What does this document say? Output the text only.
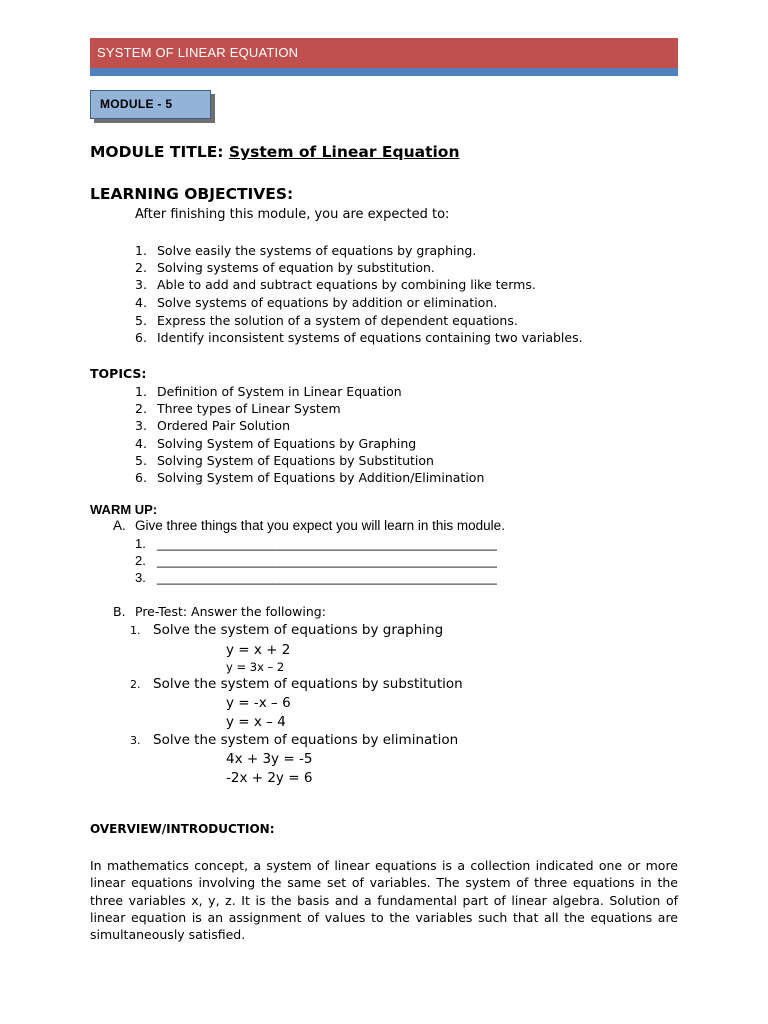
SYSTEM OF LINEAR EQUATION
MODULE - 5
MODULE TITLE: System of Linear Equation
LEARNING OBJECTIVES:
After finishing this module, you are expected to:
1. Solve easily the systems of equations by graphing.
2. Solving systems of equation by substitution.
3. Able to add and subtract equations by combining like terms.
4. Solve systems of equations by addition or elimination.
5. Express the solution of a system of dependent equations.
6. Identify inconsistent systems of equations containing two variables.
TOPICS:
1. Definition of System in Linear Equation
2. Three types of Linear System
3. Ordered Pair Solution
4. Solving System of Equations by Graphing
5. Solving System of Equations by Substitution
6. Solving System of Equations by Addition/Elimination
WARM UP:
A. Give three things that you expect you will learn in this module.
1. _______________________________________________
2. _______________________________________________
3. _______________________________________________
B. Pre-Test: Answer the following:
1. Solve the system of equations by graphing
y = x + 2
y = 3x – 2
2. Solve the system of equations by substitution
y = -x – 6
y = x – 4
3. Solve the system of equations by elimination
4x + 3y = -5
-2x + 2y = 6
OVERVIEW/INTRODUCTION:
In mathematics concept, a system of linear equations is a collection indicated one or more linear equations involving the same set of variables. The system of three equations in the three variables x, y, z. It is the basis and a fundamental part of linear algebra. Solution of linear equation is an assignment of values to the variables such that all the equations are simultaneously satisfied.
